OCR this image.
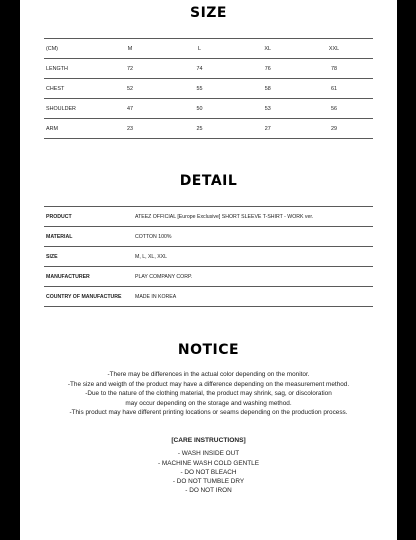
SIZE
(CM)	M	L	XL	XXL
LENGTH	72	74	76	78
CHEST	52	55	58	61
SHOULDER	47	50	53	56
ARM	23	25	27	29
DETAIL
PRODUCT	ATEEZ OFFICIAL [Europe Exclusive] SHORT SLEEVE T-SHIRT - WORK ver.
MATERIAL	COTTON 100%
SIZE	M, L, XL, XXL
MANUFACTURER	PLAY COMPANY CORP.
COUNTRY OF MANUFACTURE	MADE IN KOREA
NOTICE
-There may be differences in the actual color depending on the monitor.
-The size and weigth of the product may have a difference depending on the measurement method.
-Due to the nature of the clothing material, the product may shrink, sag, or discoloration
may occur depending on the storage and washing method.
-This product may have different printing locations or seams depending on the production process.
[CARE INSTRUCTIONS]
- WASH INSIDE OUT
- MACHINE WASH COLD GENTLE
- DO NOT BLEACH
- DO NOT TUMBLE DRY
- DO NOT IRON
